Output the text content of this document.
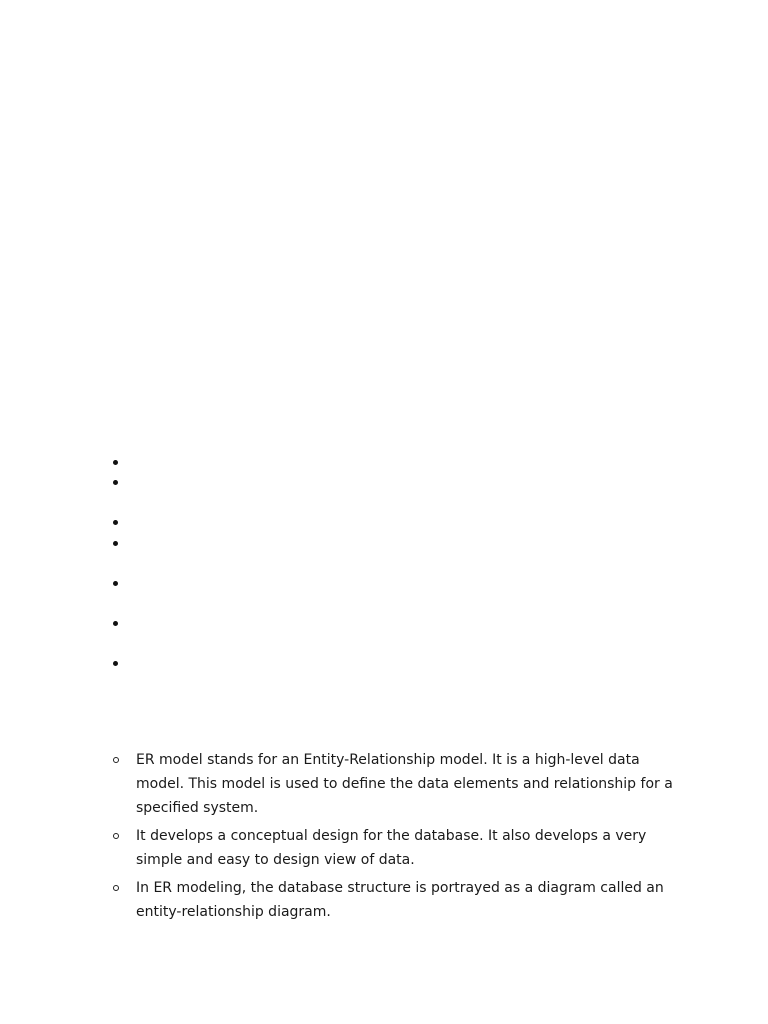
ER model stands for an Entity-Relationship model. It is a high-level data model. This model is used to define the data elements and relationship for a specified system.
It develops a conceptual design for the database. It also develops a very simple and easy to design view of data.
In ER modeling, the database structure is portrayed as a diagram called an entity-relationship diagram.
